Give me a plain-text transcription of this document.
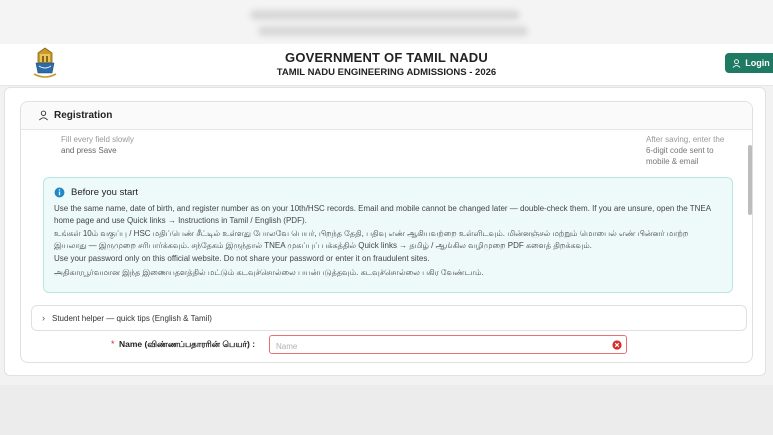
GOVERNMENT OF TAMIL NADU
TAMIL NADU ENGINEERING ADMISSIONS - 2026
Login
Registration
Fill every field slowly
and press Save
After saving, enter the
6-digit code sent to
mobile & email
Before you start

Use the same name, date of birth, and register number as on your 10th/HSC records. Email and mobile cannot be changed later — double-check them. If you are unsure, open the TNEA home page and use Quick links → Instructions in Tamil / English (PDF).

உங்கள் 10ம் வகுப்பு / HSC மதிப்பெண் சீட்டில் உள்ளது போலவே பெயர், பிறந்த தேதி, பதிவு எண் ஆகியவற்றை உள்ளிடவும். மின்னஞ்சல் மற்றும் மொபைல் எண் பின்னர் மாற்ற இயலாது — இருமுறை சரிபார்க்கவும். சந்தேகம் இருந்தால் TNEA முகப்புப் பக்கத்தில் Quick links → தமிழ் / ஆங்கில வழிமுறை PDF களைத் திறக்கவும்.

Use your password only on this official website. Do not share your password or enter it on fraudulent sites.

அதிகாரபூர்வமான இந்த இணையதளத்தில் மட்டும் கடவுச்சொல்லை பயன்படுத்தவும். கடவுச்சொல்லை பகிர வேண்டாம்.

› Student helper — quick tips (English & Tamil)
* Name (விண்ணப்பதாரரின் பெயர்) :
Name
